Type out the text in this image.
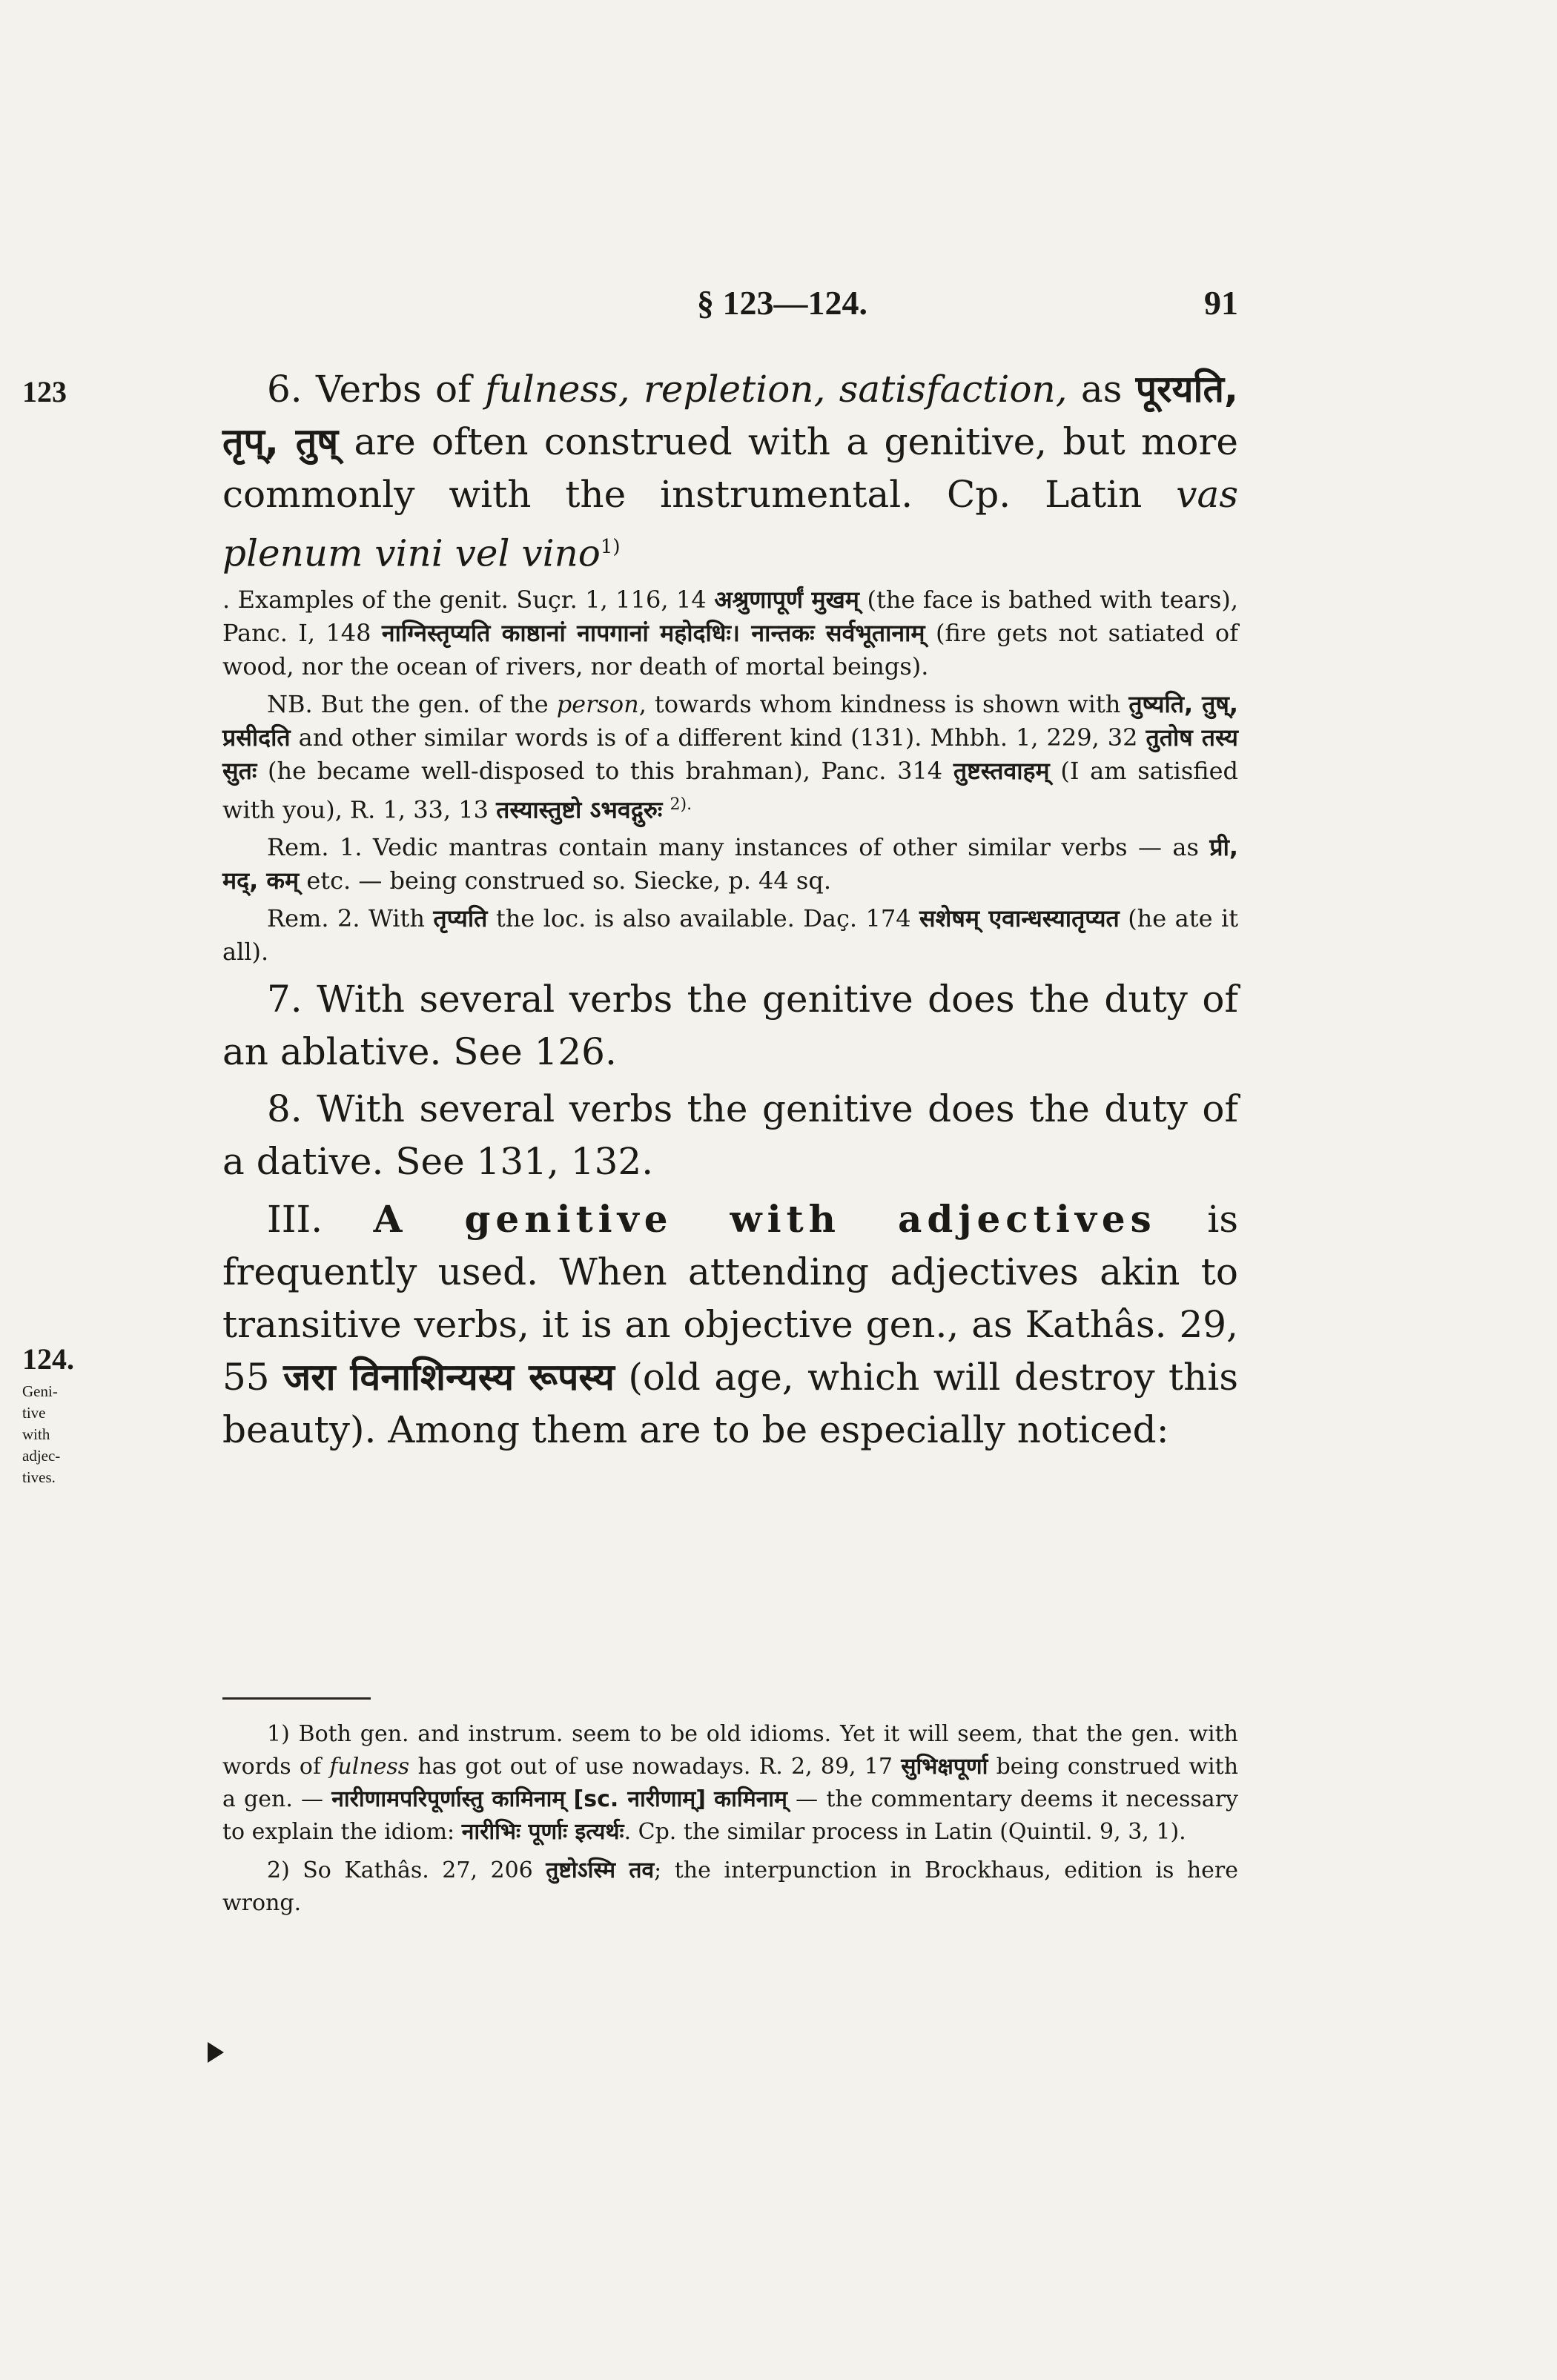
§ 123—124.	91
123
124.
Geni-
tive
with
adjec-
tives.

6. Verbs of fulness, repletion, satisfaction, as पूरयति, तृप्, तुष् are often construed with a genitive, but more commonly with the instrumental. Cp. Latin vas plenum vini vel vino$^{1)}$

. Examples of the genit. Suçr. 1, 116, 14 अश्रुणापूर्णं मुखम् (the face is bathed with tears), Panc. I, 148 नाग्निस्तृप्यति काष्ठानां नापगानां महोदधिः। नान्तकः सर्वभूतानाम् (fire gets not satiated of wood, nor the ocean of rivers, nor death of mortal beings).

NB. But the gen. of the person, towards whom kindness is shown with तुष्यति, तुष्, प्रसीदति and other similar words is of a different kind (131). Mhbh. 1, 229, 32 तुतोष तस्य सुतः (he became well-disposed to this brahman), Panc. 314 तुष्टस्तवाहम् (I am satisfied with you), R. 1, 33, 13 तस्यास्तुष्टो ऽभवद्गुरुः $^{2).}$

Rem. 1. Vedic mantras contain many instances of other similar verbs — as प्री, मद्, कम् etc. — being construed so. Siecke, p. 44 sq.

Rem. 2. With तृप्यति the loc. is also available. Daç. 174 सशेषम् एवान्धस्यातृप्यत (he ate it all).

7. With several verbs the genitive does the duty of an ablative. See 126.

8. With several verbs the genitive does the duty of a dative. See 131, 132.

III. A genitive with adjectives is frequently used. When attending adjectives akin to transitive verbs, it is an objective gen., as Kathâs. 29, 55 जरा विनाशिन्यस्य रूपस्य (old age, which will destroy this beauty). Among them are to be especially noticed:

1) Both gen. and instrum. seem to be old idioms. Yet it will seem, that the gen. with words of fulness has got out of use nowadays. R. 2, 89, 17 सुभिक्षपूर्णा being construed with a gen. — नारीणामपरिपूर्णास्तु कामिनाम् [sc. नारीणाम्] कामिनाम् — the commentary deems it necessary to explain the idiom: नारीभिः पूर्णाः इत्यर्थः. Cp. the similar process in Latin (Quintil. 9, 3, 1).

2) So Kathâs. 27, 206 तुष्टोऽस्मि तव; the interpunction in Brockhaus, edition is here wrong.
